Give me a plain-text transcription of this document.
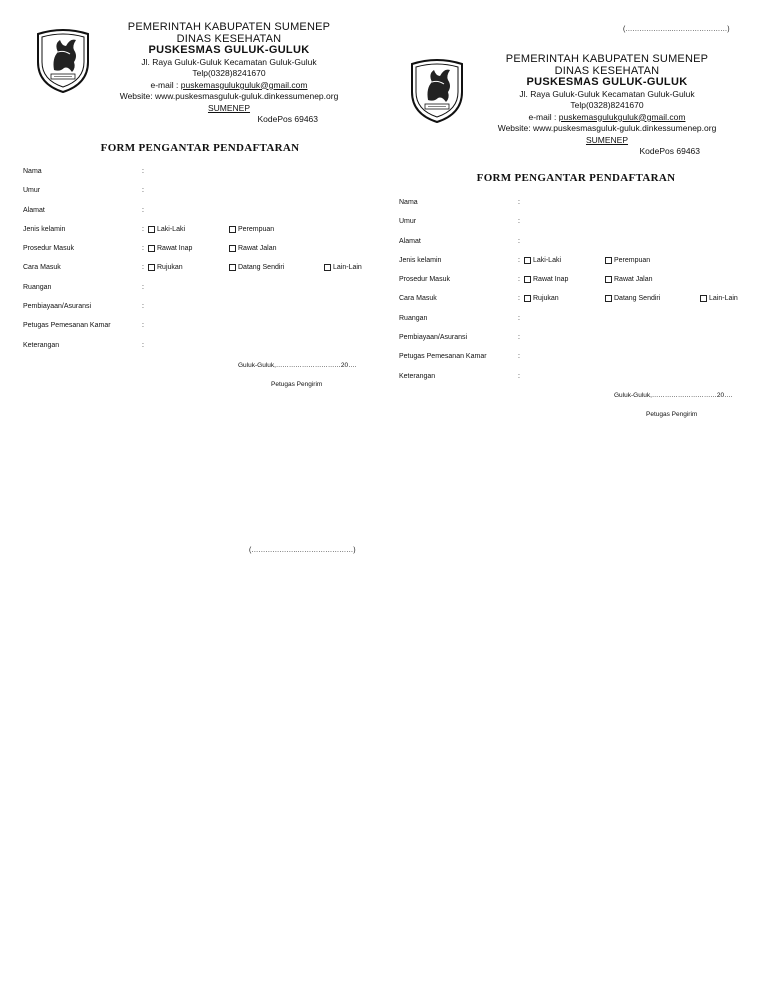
PEMERINTAH KABUPATEN SUMENEP
DINAS KESEHATAN
PUSKESMAS GULUK-GULUK
Jl. Raya Guluk-Guluk Kecamatan Guluk-Guluk
Telp(0328)8241670
e-mail : puskemasgulukguluk@gmail.com
Website: www.puskesmasguluk-guluk.dinkessumenep.org
SUMENEP
KodePos 69463
FORM PENGANTAR PENDAFTARAN
Nama	:
Umur	:
Alamat	:
Jenis kelamin	: Laki-Laki	Perempuan
Prosedur Masuk	: Rawat Inap	Rawat Jalan
Cara Masuk	: Rujukan	Datang Sendiri	Lain-Lain
Ruangan	:
Pembiayaan/Asuransi	:
Petugas Pemesanan Kamar	:
Keterangan	:
Guluk-Guluk,…………………………20….
Petugas Pengirim
(………………..……………………)
(………………..……………………)
PEMERINTAH KABUPATEN SUMENEP
DINAS KESEHATAN
PUSKESMAS GULUK-GULUK
Jl. Raya Guluk-Guluk Kecamatan Guluk-Guluk
Telp(0328)8241670
e-mail : puskemasgulukguluk@gmail.com
Website: www.puskesmasguluk-guluk.dinkessumenep.org
SUMENEP
KodePos 69463
FORM PENGANTAR PENDAFTARAN
Nama	:
Umur	:
Alamat	:
Jenis kelamin	: Laki-Laki	Perempuan
Prosedur Masuk	: Rawat Inap	Rawat Jalan
Cara Masuk	: Rujukan	Datang Sendiri	Lain-Lain
Ruangan	:
Pembiayaan/Asuransi	:
Petugas Pemesanan Kamar	:
Keterangan	:
Guluk-Guluk,…………………………20….
Petugas Pengirim
